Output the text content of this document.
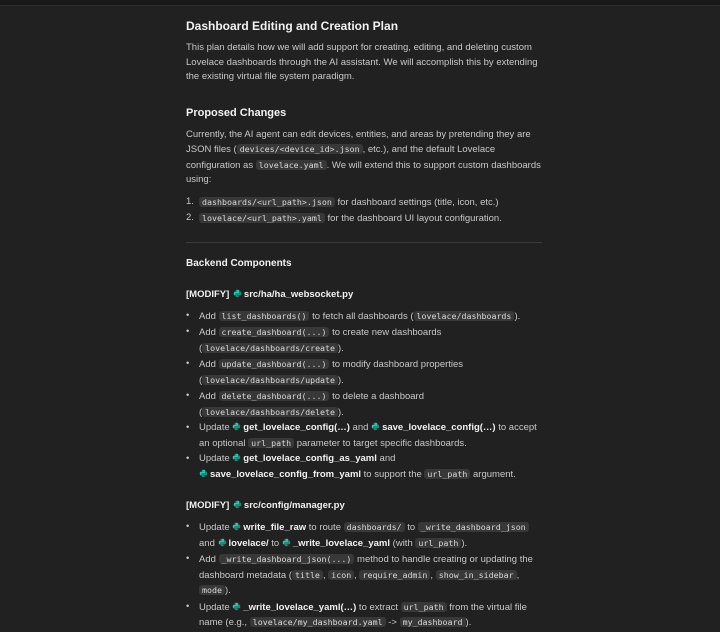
Dashboard Editing and Creation Plan
This plan details how we will add support for creating, editing, and deleting custom Lovelace dashboards through the AI assistant. We will accomplish this by extending the existing virtual file system paradigm.
Proposed Changes
Currently, the AI agent can edit devices, entities, and areas by pretending they are JSON files ( devices/<device_id>.json , etc.), and the default Lovelace configuration as lovelace.yaml . We will extend this to support custom dashboards using:
1. dashboards/<url_path>.json for dashboard settings (title, icon, etc.)
2. lovelace/<url_path>.yaml for the dashboard UI layout configuration.
Backend Components
[MODIFY] src/ha/ha_websocket.py
•	Add list_dashboards() to fetch all dashboards ( lovelace/dashboards ).
•	Add create_dashboard(...) to create new dashboards ( lovelace/dashboards/create ).
•	Add update_dashboard(...) to modify dashboard properties ( lovelace/dashboards/update ).
•	Add delete_dashboard(...) to delete a dashboard ( lovelace/dashboards/delete ).
•	Update get_lovelace_config(…) and save_lovelace_config(…) to accept an optional url_path parameter to target specific dashboards.
•	Update get_lovelace_config_as_yaml and save_lovelace_config_from_yaml to support the url_path argument.
[MODIFY] src/config/manager.py
•	Update write_file_raw to route dashboards/ to _write_dashboard_json and lovelace/ to _write_lovelace_yaml (with url_path ).
•	Add _write_dashboard_json(...) method to handle creating or updating the dashboard metadata ( title , icon , require_admin , show_in_sidebar , mode ).
•	Update _write_lovelace_yaml(…) to extract url_path from the virtual file name (e.g., lovelace/my_dashboard.yaml -> my_dashboard ).
